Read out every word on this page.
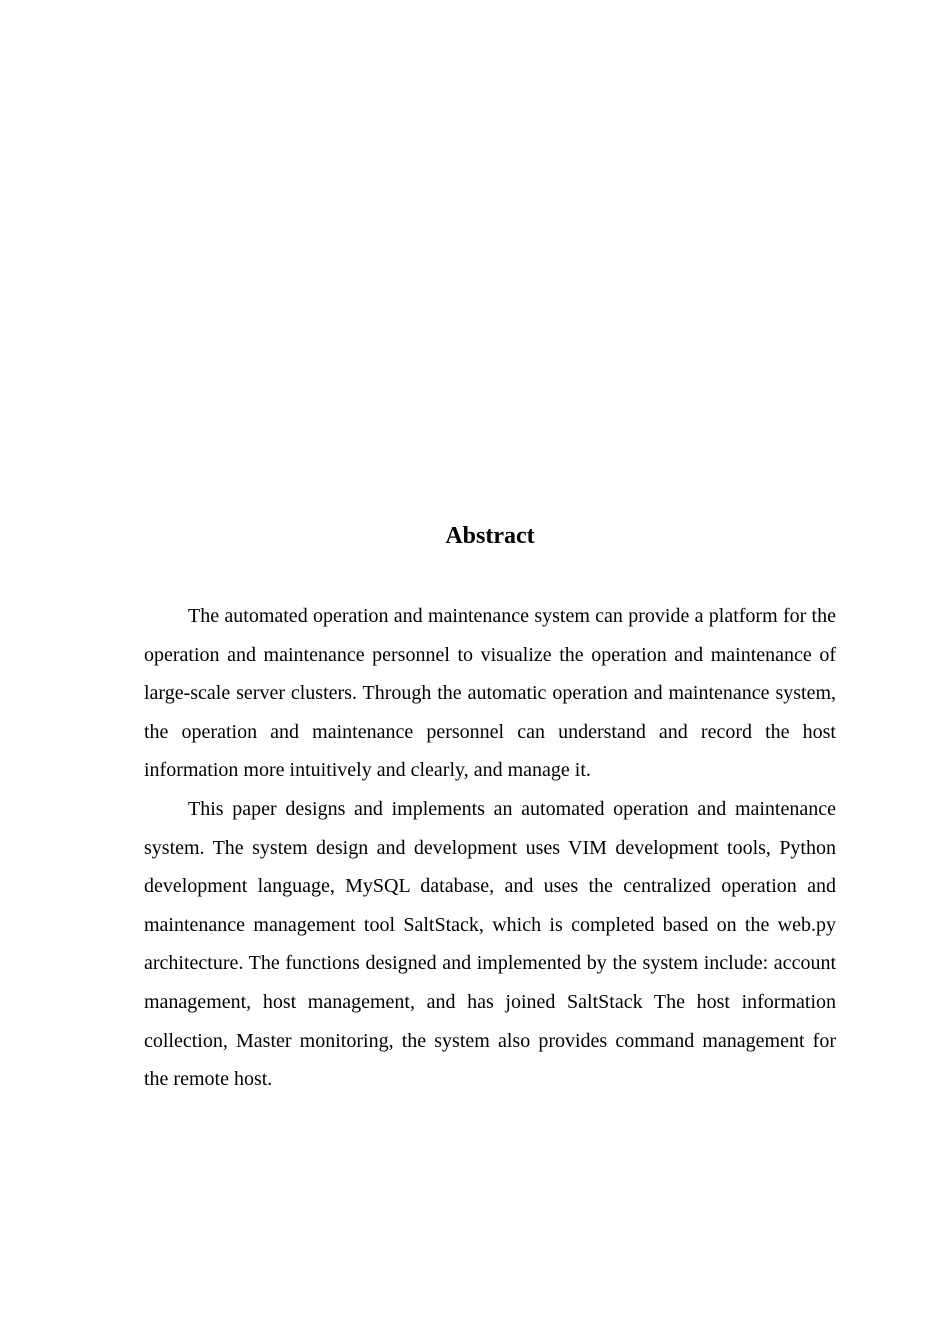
Abstract

The automated operation and maintenance system can provide a platform for the operation and maintenance personnel to visualize the operation and maintenance of large-scale server clusters. Through the automatic operation and maintenance system, the operation and maintenance personnel can understand and record the host information more intuitively and clearly, and manage it.

This paper designs and implements an automated operation and maintenance system. The system design and development uses VIM development tools, Python development language, MySQL database, and uses the centralized operation and maintenance management tool SaltStack, which is completed based on the web.py architecture. The functions designed and implemented by the system include: account management, host management, and has joined SaltStack The host information collection, Master monitoring, the system also provides command management for the remote host.
